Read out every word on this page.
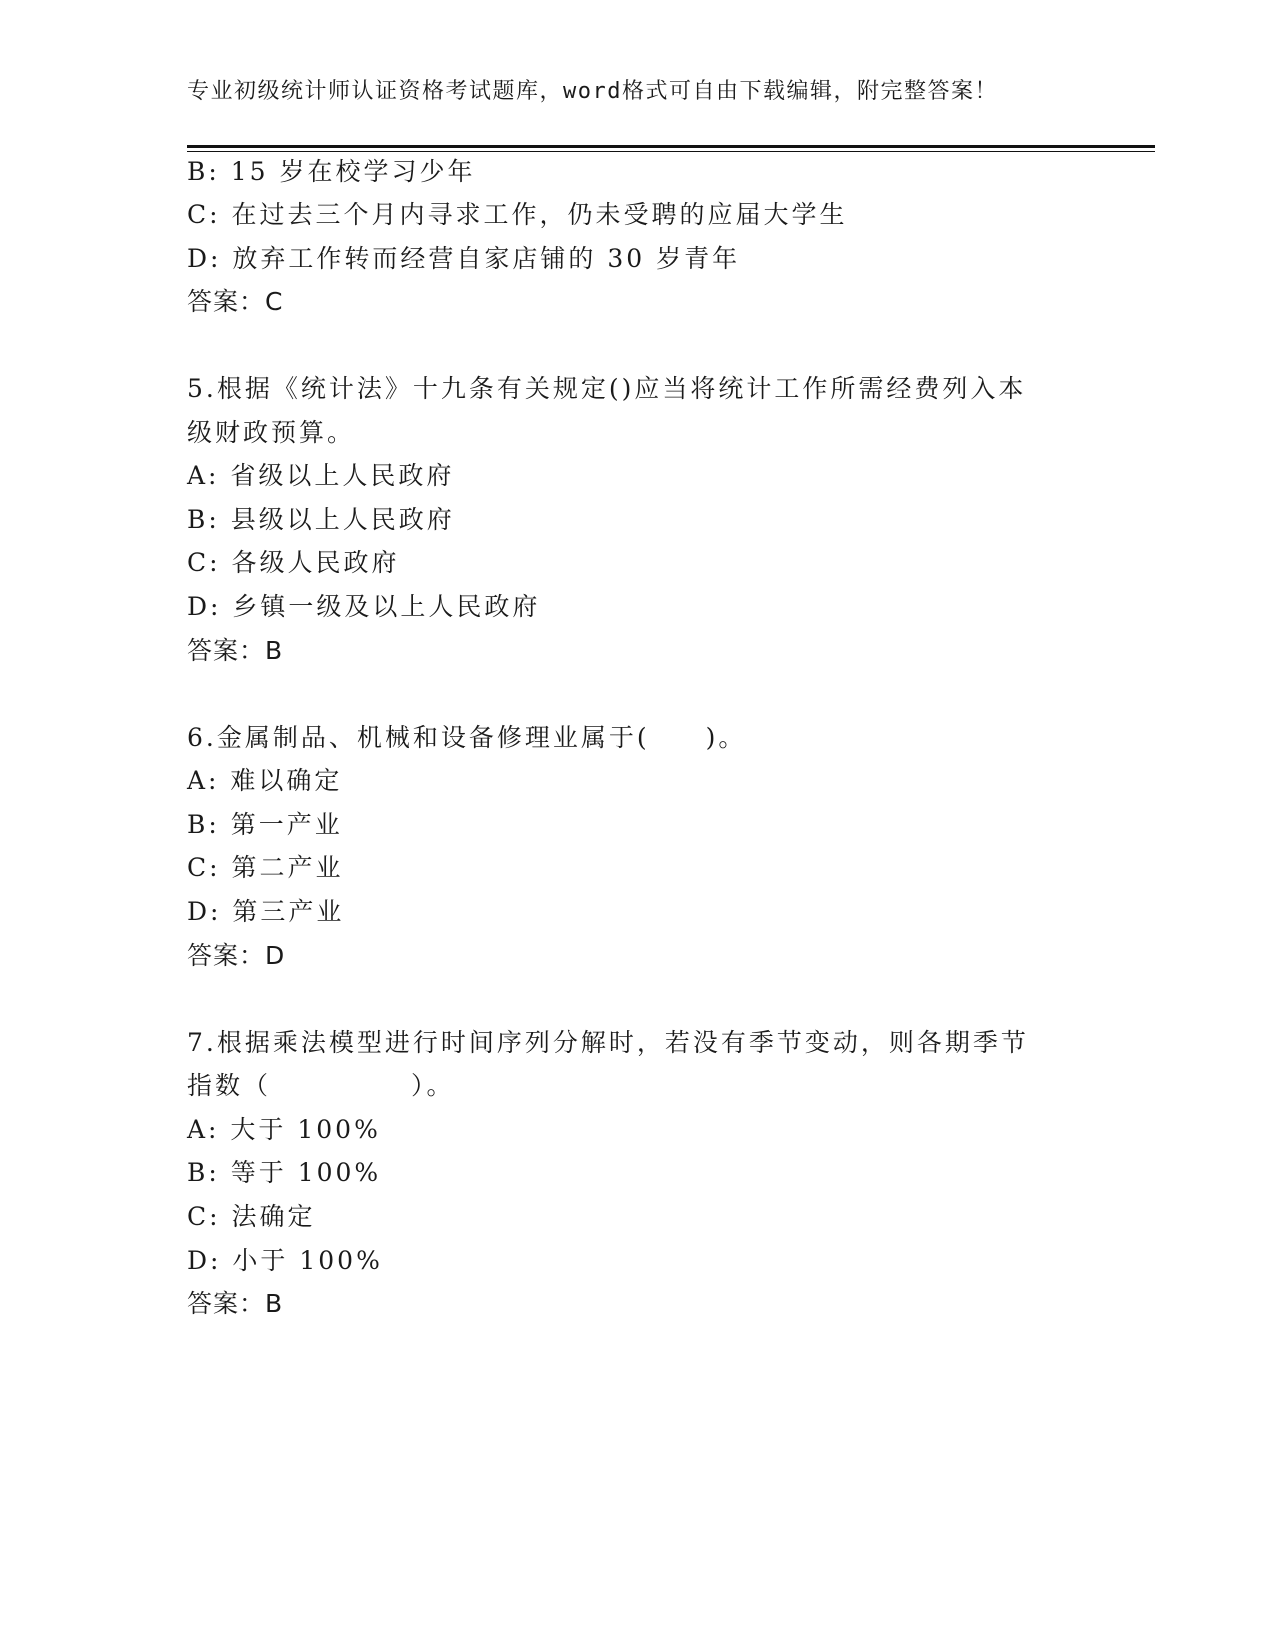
专业初级统计师认证资格考试题库，word格式可自由下载编辑，附完整答案！
B: 15 岁在校学习少年
C: 在过去三个月内寻求工作，仍未受聘的应届大学生
D: 放弃工作转而经营自家店铺的 30 岁青年
答案：C
5.根据《统计法》十九条有关规定()应当将统计工作所需经费列入本
级财政预算。
A: 省级以上人民政府
B: 县级以上人民政府
C: 各级人民政府
D: 乡镇一级及以上人民政府
答案：B
6.金属制品、机械和设备修理业属于(　　)。
A: 难以确定
B: 第一产业
C: 第二产业
D: 第三产业
答案：D
7.根据乘法模型进行时间序列分解时，若没有季节变动，则各期季节
指数（　　　　　）。
A: 大于 100%
B: 等于 100%
C: 法确定
D: 小于 100%
答案：B
